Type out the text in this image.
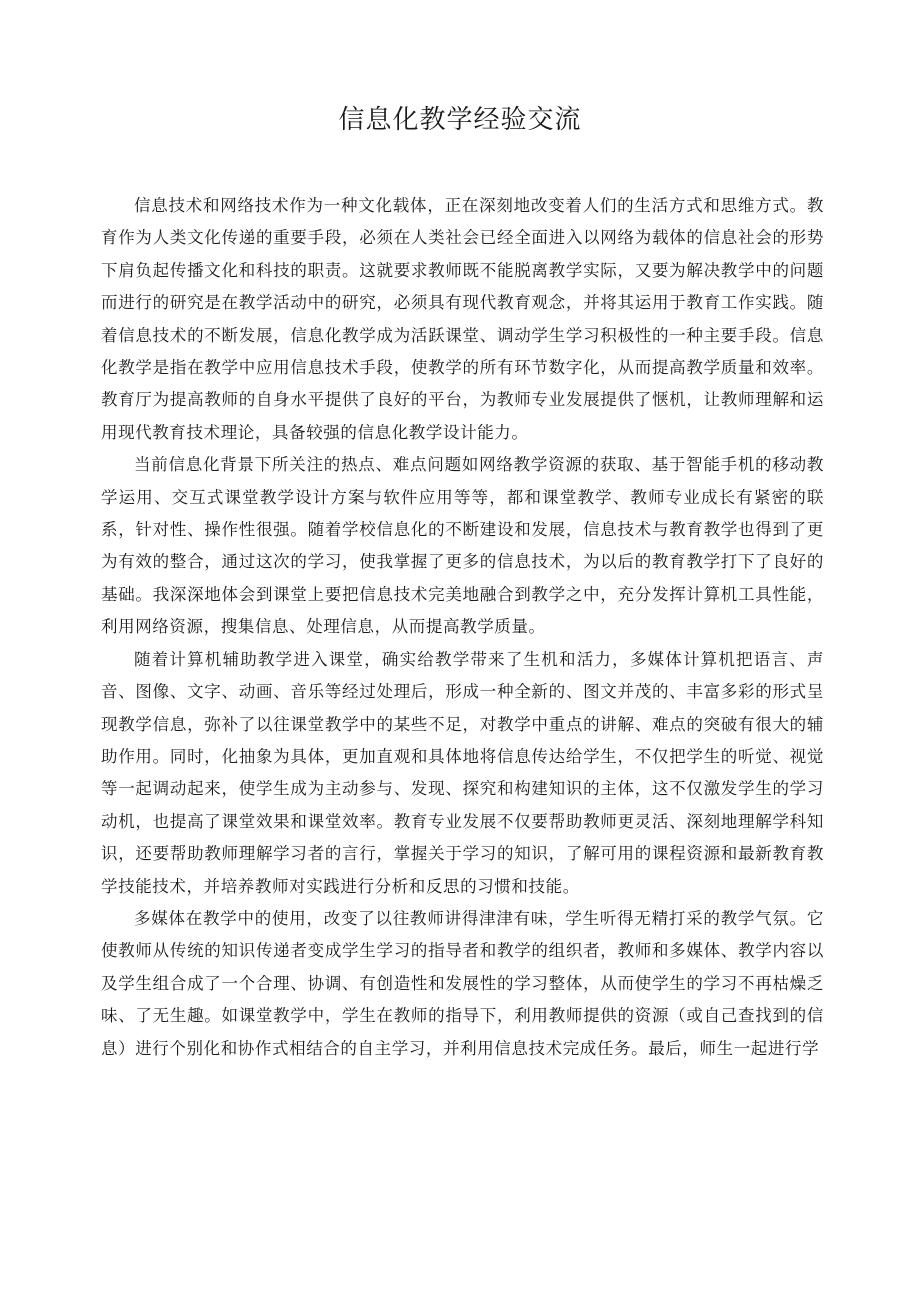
信息化教学经验交流

信息技术和网络技术作为一种文化载体，正在深刻地改变着人们的生活方式和思维方式。教育作为人类文化传递的重要手段，必须在人类社会已经全面进入以网络为载体的信息社会的形势下肩负起传播文化和科技的职责。这就要求教师既不能脱离教学实际，又要为解决教学中的问题而进行的研究是在教学活动中的研究，必须具有现代教育观念，并将其运用于教育工作实践。随着信息技术的不断发展，信息化教学成为活跃课堂、调动学生学习积极性的一种主要手段。信息化教学是指在教学中应用信息技术手段，使教学的所有环节数字化，从而提高教学质量和效率。教育厅为提高教师的自身水平提供了良好的平台，为教师专业发展提供了惬机，让教师理解和运用现代教育技术理论，具备较强的信息化教学设计能力。

当前信息化背景下所关注的热点、难点问题如网络教学资源的获取、基于智能手机的移动教学运用、交互式课堂教学设计方案与软件应用等等，都和课堂教学、教师专业成长有紧密的联系，针对性、操作性很强。随着学校信息化的不断建设和发展，信息技术与教育教学也得到了更为有效的整合，通过这次的学习，使我掌握了更多的信息技术，为以后的教育教学打下了良好的基础。我深深地体会到课堂上要把信息技术完美地融合到教学之中，充分发挥计算机工具性能，利用网络资源，搜集信息、处理信息，从而提高教学质量。

随着计算机辅助教学进入课堂，确实给教学带来了生机和活力，多媒体计算机把语言、声音、图像、文字、动画、音乐等经过处理后，形成一种全新的、图文并茂的、丰富多彩的形式呈现教学信息，弥补了以往课堂教学中的某些不足，对教学中重点的讲解、难点的突破有很大的辅助作用。同时，化抽象为具体，更加直观和具体地将信息传达给学生，不仅把学生的听觉、视觉等一起调动起来，使学生成为主动参与、发现、探究和构建知识的主体，这不仅激发学生的学习动机，也提高了课堂效果和课堂效率。教育专业发展不仅要帮助教师更灵活、深刻地理解学科知识，还要帮助教师理解学习者的言行，掌握关于学习的知识，了解可用的课程资源和最新教育教学技能技术，并培养教师对实践进行分析和反思的习惯和技能。

多媒体在教学中的使用，改变了以往教师讲得津津有味，学生听得无精打采的教学气氛。它使教师从传统的知识传递者变成学生学习的指导者和教学的组织者，教师和多媒体、教学内容以及学生组合成了一个合理、协调、有创造性和发展性的学习整体，从而使学生的学习不再枯燥乏味、了无生趣。如课堂教学中，学生在教师的指导下，利用教师提供的资源（或自己查找到的信息）进行个别化和协作式相结合的自主学习，并利用信息技术完成任务。最后，师生一起进行学
